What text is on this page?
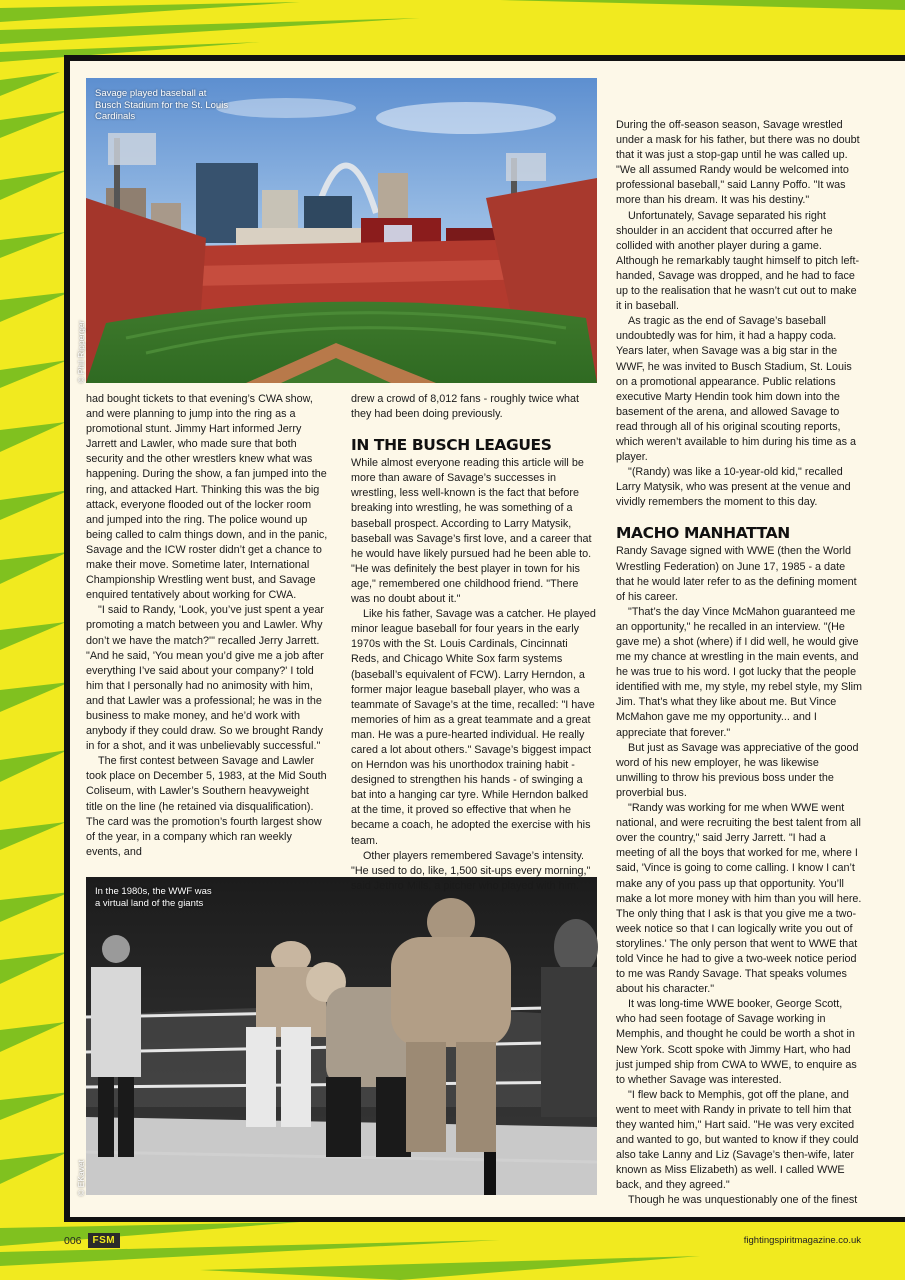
Savage played baseball at Busch Stadium for the St. Louis Cardinals
© Phil Ripperger
In the 1980s, the WWF was a virtual land of the giants
© EKavet

had bought tickets to that evening’s CWA show, and were planning to jump into the ring as a promotional stunt. Jimmy Hart informed Jerry Jarrett and Lawler, who made sure that both security and the other wrestlers knew what was happening. During the show, a fan jumped into the ring, and attacked Hart. Thinking this was the big attack, everyone flooded out of the locker room and jumped into the ring. The police wound up being called to calm things down, and in the panic, Savage and the ICW roster didn’t get a chance to make their move. Sometime later, International Championship Wrestling went bust, and Savage enquired tentatively about working for CWA.

"I said to Randy, 'Look, you’ve just spent a year promoting a match between you and Lawler. Why don’t we have the match?'" recalled Jerry Jarrett. "And he said, 'You mean you’d give me a job after everything I’ve said about your company?' I told him that I personally had no animosity with him, and that Lawler was a professional; he was in the business to make money, and he’d work with anybody if they could draw. So we brought Randy in for a shot, and it was unbelievably successful."

The first contest between Savage and Lawler took place on December 5, 1983, at the Mid South Coliseum, with Lawler’s Southern heavyweight title on the line (he retained via disqualification). The card was the promotion’s fourth largest show of the year, in a company which ran weekly events, and

drew a crowd of 8,012 fans - roughly twice what they had been doing previously.

IN THE BUSCH LEAGUES

While almost everyone reading this article will be more than aware of Savage’s successes in wrestling, less well-known is the fact that before breaking into wrestling, he was something of a baseball prospect. According to Larry Matysik, baseball was Savage’s first love, and a career that he would have likely pursued had he been able to. "He was definitely the best player in town for his age," remembered one childhood friend. "There was no doubt about it."

Like his father, Savage was a catcher. He played minor league baseball for four years in the early 1970s with the St. Louis Cardinals, Cincinnati Reds, and Chicago White Sox farm systems (baseball’s equivalent of FCW). Larry Herndon, a former major league baseball player, who was a teammate of Savage’s at the time, recalled: "I have memories of him as a great teammate and a great man. He was a pure-hearted individual. He really cared a lot about others." Savage’s biggest impact on Herndon was his unorthodox training habit - designed to strengthen his hands - of swinging a bat into a hanging car tyre. While Herndon balked at the time, it proved so effective that when he became a coach, he adopted the exercise with his team.

Other players remembered Savage’s intensity. "He used to do, like, 1,500 sit-ups every morning," said Jethro Mills, a pitcher who played with him.

During the off-season season, Savage wrestled under a mask for his father, but there was no doubt that it was just a stop-gap until he was called up. "We all assumed Randy would be welcomed into professional baseball," said Lanny Poffo. "It was more than his dream. It was his destiny."

Unfortunately, Savage separated his right shoulder in an accident that occurred after he collided with another player during a game. Although he remarkably taught himself to pitch left-handed, Savage was dropped, and he had to face up to the realisation that he wasn’t cut out to make it in baseball.

As tragic as the end of Savage’s baseball undoubtedly was for him, it had a happy coda. Years later, when Savage was a big star in the WWF, he was invited to Busch Stadium, St. Louis on a promotional appearance. Public relations executive Marty Hendin took him down into the basement of the arena, and allowed Savage to read through all of his original scouting reports, which weren’t available to him during his time as a player.

"(Randy) was like a 10-year-old kid," recalled Larry Matysik, who was present at the venue and vividly remembers the moment to this day.

MACHO MANHATTAN

Randy Savage signed with WWE (then the World Wrestling Federation) on June 17, 1985 - a date that he would later refer to as the defining moment of his career.

"That’s the day Vince McMahon guaranteed me an opportunity," he recalled in an interview. "(He gave me) a shot (where) if I did well, he would give me my chance at wrestling in the main events, and he was true to his word. I got lucky that the people identified with me, my style, my rebel style, my Slim Jim. That’s what they like about me. But Vince McMahon gave me my opportunity... and I appreciate that forever."

But just as Savage was appreciative of the good word of his new employer, he was likewise unwilling to throw his previous boss under the proverbial bus.

"Randy was working for me when WWE went national, and were recruiting the best talent from all over the country," said Jerry Jarrett. "I had a meeting of all the boys that worked for me, where I said, 'Vince is going to come calling. I know I can’t make any of you pass up that opportunity. You’ll make a lot more money with him than you will here. The only thing that I ask is that you give me a two-week notice so that I can logically write you out of storylines.' The only person that went to WWE that told Vince he had to give a two-week notice period to me was Randy Savage. That speaks volumes about his character."

It was long-time WWE booker, George Scott, who had seen footage of Savage working in Memphis, and thought he could be worth a shot in New York. Scott spoke with Jimmy Hart, who had just jumped ship from CWA to WWE, to enquire as to whether Savage was interested.

"I flew back to Memphis, got off the plane, and went to meet with Randy in private to tell him that they wanted him," Hart said. "He was very excited and wanted to go, but wanted to know if they could also take Lanny and Liz (Savage’s then-wife, later known as Miss Elizabeth) as well. I called WWE back, and they agreed."

Though he was unquestionably one of the finest

006	FSM	fightingspiritmagazine.co.uk
